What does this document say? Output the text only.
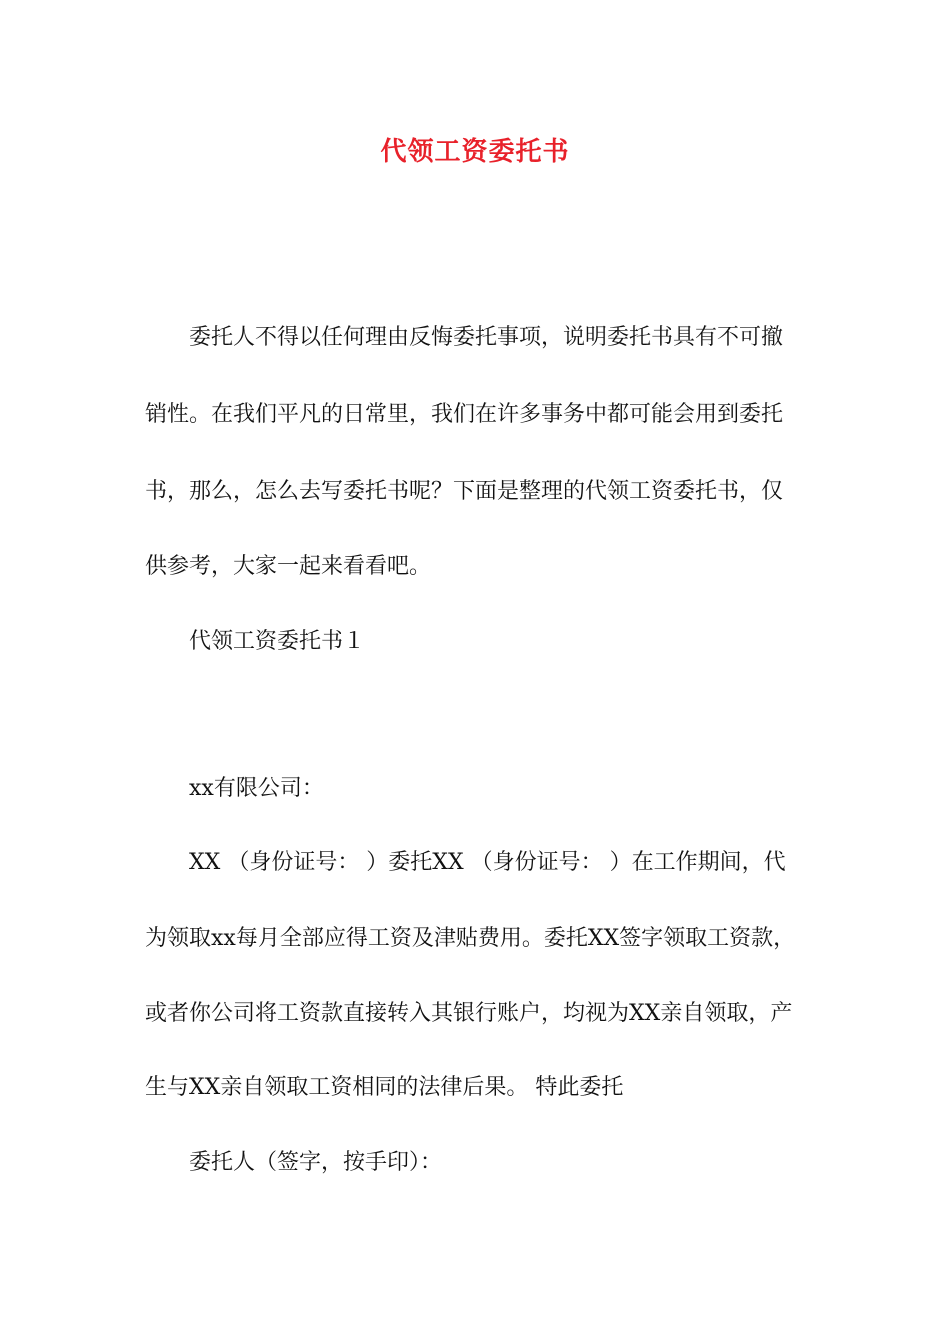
代领工资委托书
委托人不得以任何理由反悔委托事项，说明委托书具有不可撤
销性。在我们平凡的日常里，我们在许多事务中都可能会用到委托
书，那么，怎么去写委托书呢？下面是整理的代领工资委托书，仅
供参考，大家一起来看看吧。
代领工资委托书１
xx有限公司：
XX （身份证号： ）委托XX （身份证号： ）在工作期间，代
为领取xx每月全部应得工资及津贴费用。委托XX签字领取工资款，
或者你公司将工资款直接转入其银行账户，均视为XX亲自领取，产
生与XX亲自领取工资相同的法律后果。 特此委托
委托人（签字，按手印）：
